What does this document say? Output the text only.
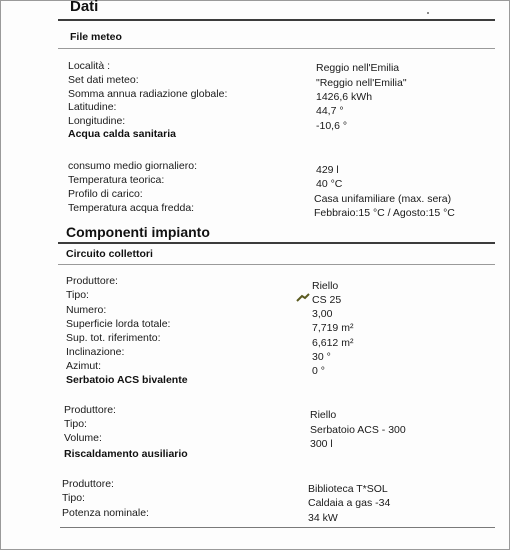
Dati
File meteo
Località :	Reggio nell'Emilia
Set dati meteo:	"Reggio nell'Emilia"
Somma annua radiazione globale:	1426,6 kWh
Latitudine:	44,7 °
Longitudine:	-10,6 °
Acqua calda sanitaria
consumo medio giornaliero:	429 l
Temperatura teorica:	40 °C
Profilo di carico:	Casa unifamiliare (max. sera)
Temperatura acqua fredda:	Febbraio:15 °C / Agosto:15 °C
Componenti impianto
Circuito collettori
Produttore:	Riello
Tipo:	CS 25
Numero:	3,00
Superficie lorda totale:	7,719 m²
Sup. tot. riferimento:	6,612 m²
Inclinazione:	30 °
Azimut:	0 °
Serbatoio ACS bivalente
Produttore:	Riello
Tipo:	Serbatoio ACS - 300
Volume:	300 l
Riscaldamento ausiliario
Produttore:	Biblioteca T*SOL
Tipo:	Caldaia a gas -34
Potenza nominale:	34 kW
